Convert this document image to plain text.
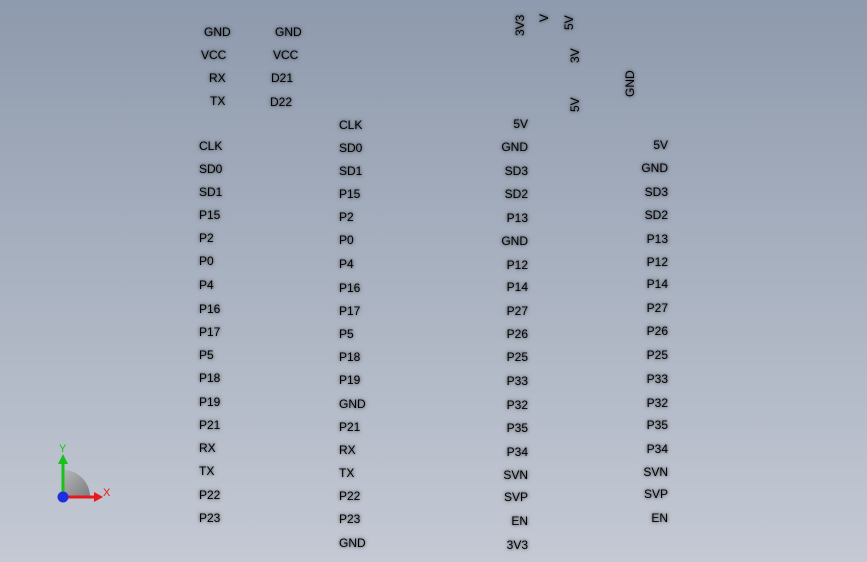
GND
VCC
RX
TX
GND
VCC
D21
D22
CLK
SD0
SD1
P15
P2
P0
P4
P16
P17
P5
P18
P19
P21
RX
TX
P22
P23
CLK
SD0
SD1
P15
P2
P0
P4
P16
P17
P5
P18
P19
GND
P21
RX
TX
P22
P23
GND
5V
GND
SD3
SD2
P13
GND
P12
P14
P27
P26
P25
P33
P32
P35
P34
SVN
SVP
EN
3V3
5V
GND
SD3
SD2
P13
P12
P14
P27
P26
P25
P33
P32
P35
P34
SVN
SVP
EN
3V3 V 5V
3V
5V
GND
Y
X
